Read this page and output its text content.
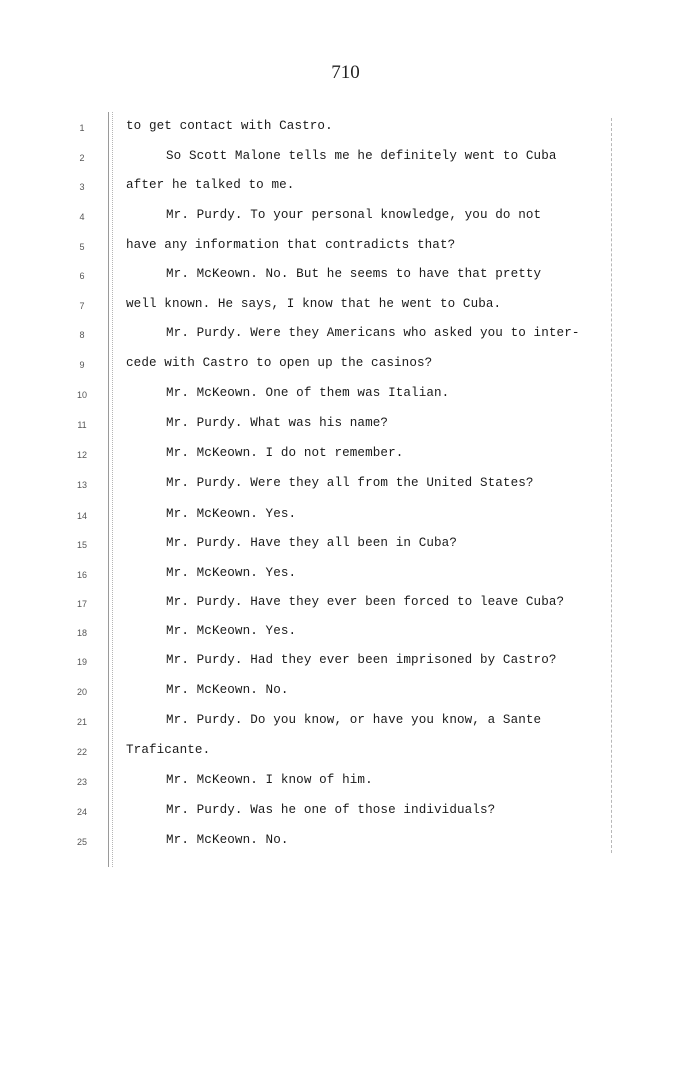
710
1	to get contact with Castro.
2	So Scott Malone tells me he definitely went to Cuba
3	after he talked to me.
4	Mr. Purdy. To your personal knowledge, you do not
5	have any information that contradicts that?
6	Mr. McKeown. No. But he seems to have that pretty
7	well known. He says, I know that he went to Cuba.
8	Mr. Purdy. Were they Americans who asked you to inter-
9	cede with Castro to open up the casinos?
10	Mr. McKeown. One of them was Italian.
11	Mr. Purdy. What was his name?
12	Mr. McKeown. I do not remember.
13	Mr. Purdy. Were they all from the United States?
14	Mr. McKeown. Yes.
15	Mr. Purdy. Have they all been in Cuba?
16	Mr. McKeown. Yes.
17	Mr. Purdy. Have they ever been forced to leave Cuba?
18	Mr. McKeown. Yes.
19	Mr. Purdy. Had they ever been imprisoned by Castro?
20	Mr. McKeown. No.
21	Mr. Purdy. Do you know, or have you know, a Sante
22	Traficante.
23	Mr. McKeown. I know of him.
24	Mr. Purdy. Was he one of those individuals?
25	Mr. McKeown. No.
